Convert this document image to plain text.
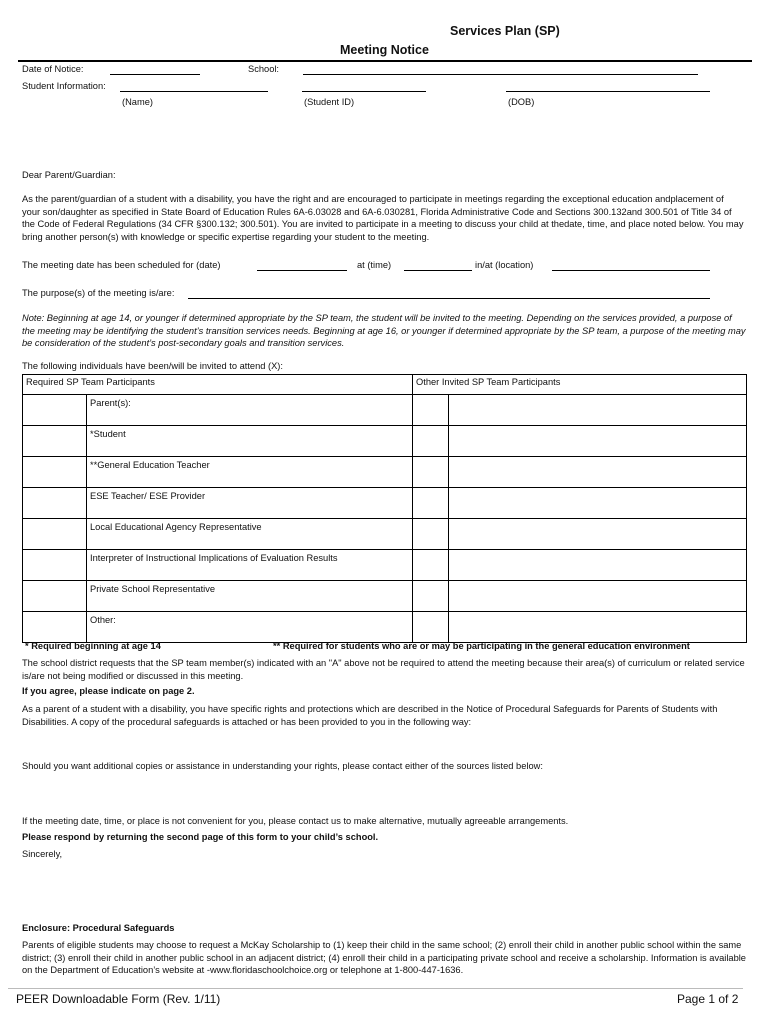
Services Plan (SP)
Meeting Notice
Date of Notice:	School:
Student Information:
(Name)	(Student ID)	(DOB)
Dear Parent/Guardian:
As the parent/guardian of a student with a disability, you have the right and are encouraged to participate in meetings regarding the exceptional education andplacement of your son/daughter as specified in State Board of Education Rules 6A-6.03028 and 6A-6.030281, Florida Administrative Code and Sections 300.132and 300.501 of Title 34 of the Code of Federal Regulations (34 CFR §300.132; 300.501). You are invited to participate in a meeting to discuss your child at thedate, time, and place noted below. You may bring another person(s) with knowledge or specific expertise regarding your student to the meeting.
The meeting date has been scheduled for (date)	at (time)	in/at (location)
The purpose(s) of the meeting is/are:
Note: Beginning at age 14, or younger if determined appropriate by the SP team, the student will be invited to the meeting. Depending on the services provided, a purpose of the meeting may be identifying the student’s transition services needs. Beginning at age 16, or younger if determined appropriate by the SP team, a purpose of the meeting may be consideration of the student’s post-secondary goals and transition services.
The following individuals have been/will be invited to attend (X):
Required SP Team Participants		Other Invited SP Team Participants	
	Parent(s):		
	*Student		
	**General Education Teacher		
	ESE Teacher/ ESE Provider		
	Local Educational Agency Representative		
	Interpreter of Instructional Implications of Evaluation Results		
	Private School Representative		
	Other:		
* Required beginning at age 14	** Required for students who are or may be participating in the general education environment
The school district requests that the SP team member(s) indicated with an "A" above not be required to attend the meeting because their area(s) of curriculum or related service is/are not being modified or discussed in this meeting.
If you agree, please indicate on page 2.
As a parent of a student with a disability, you have specific rights and protections which are described in the Notice of Procedural Safeguards for Parents of Students with Disabilities. A copy of the procedural safeguards is attached or has been provided to you in the following way:
Should you want additional copies or assistance in understanding your rights, please contact either of the sources listed below:
If the meeting date, time, or place is not convenient for you, please contact us to make alternative, mutually agreeable arrangements.
Please respond by returning the second page of this form to your child’s school.
Sincerely,
Enclosure: Procedural Safeguards
Parents of eligible students may choose to request a McKay Scholarship to (1) keep their child in the same school; (2) enroll their child in another public school within the same district; (3) enroll their child in another public school in an adjacent district; (4) enroll their child in a participating private school and receive a scholarship. Information is available on the Department of Education’s website at -www.floridaschoolchoice.org or telephone at 1-800-447-1636.
PEER Downloadable Form (Rev. 1/11)	Page 1 of 2
